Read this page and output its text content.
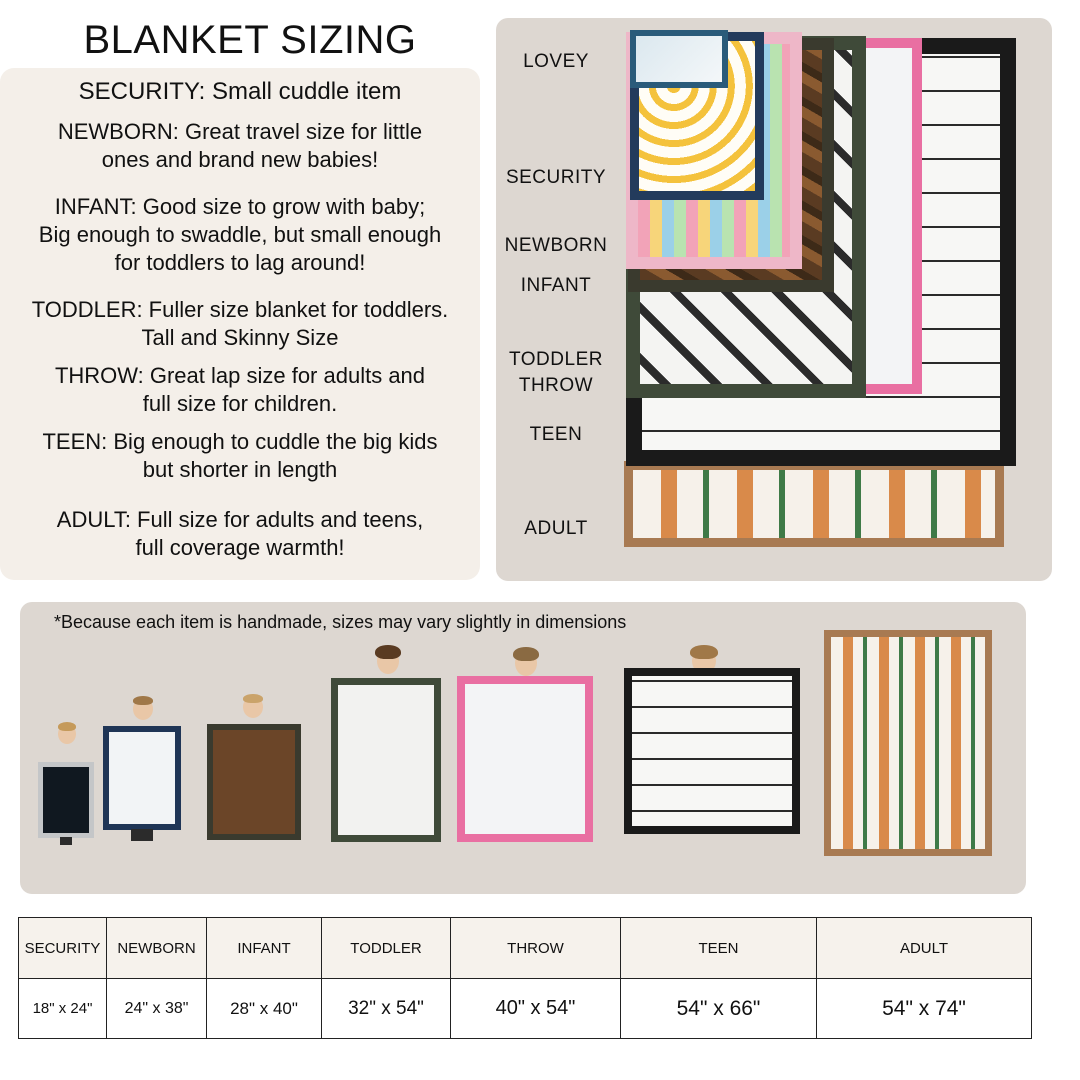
BLANKET SIZING
SECURITY: Small cuddle item
NEWBORN: Great travel size for little
ones and brand new babies!
INFANT: Good size to grow with baby;
Big enough to swaddle, but small enough
for toddlers to lag around!
TODDLER: Fuller size blanket for toddlers.
Tall and Skinny Size
THROW: Great lap size for adults and
full size for children.
TEEN: Big enough to cuddle the big kids
but shorter in length
ADULT: Full size for adults and teens,
full coverage warmth!
LOVEY
SECURITY
NEWBORN
INFANT
TODDLER
THROW
TEEN
ADULT
*Because each item is handmade, sizes may vary slightly in dimensions
SECURITY	NEWBORN	INFANT	TODDLER	THROW	TEEN	ADULT
18" x 24"	24" x 38"	28" x 40"	32" x 54"	40" x 54"	54" x 66"	54" x 74"
